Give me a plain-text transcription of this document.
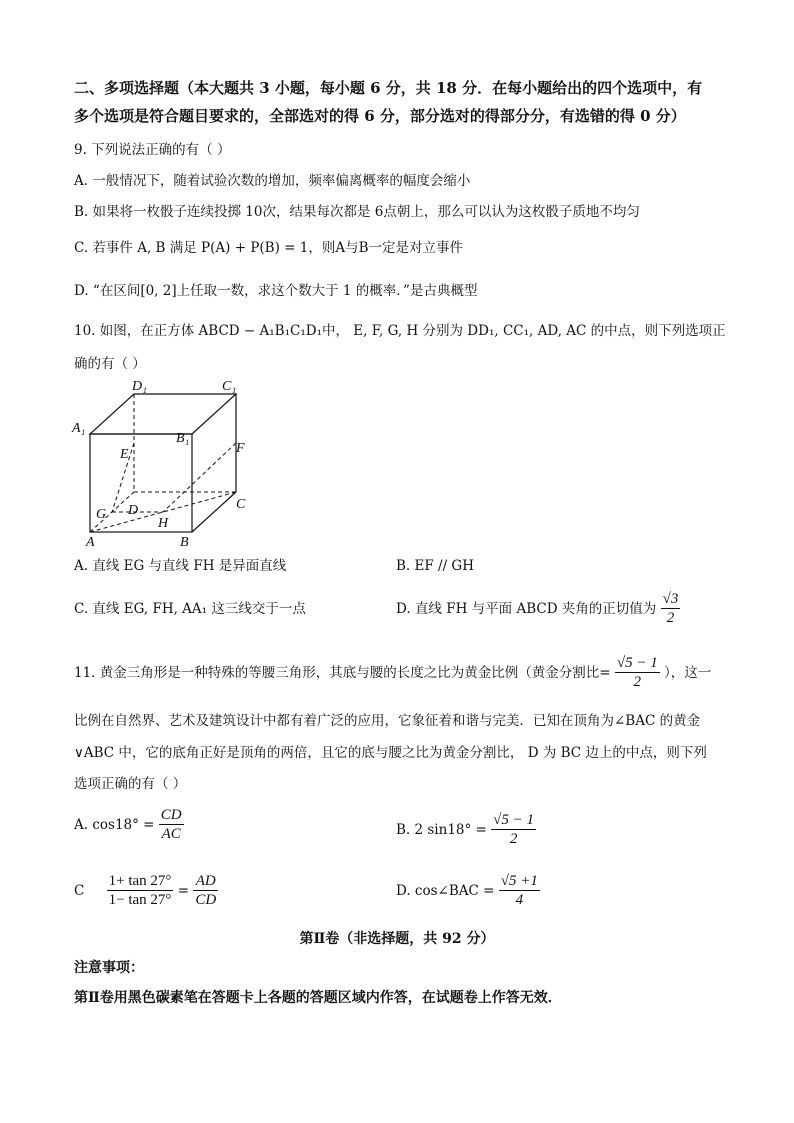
二、多项选择题（本大题共 3 小题，每小题 6 分，共 18 分．在每小题给出的四个选项中，有
多个选项是符合题目要求的，全部选对的得 6 分，部分选对的得部分分，有选错的得 0 分）
9. 下列说法正确的有（ ）
A. 一般情况下，随着试验次数的增加，频率偏离概率的幅度会缩小
B. 如果将一枚骰子连续投掷 10次，结果每次都是 6点朝上，那么可以认为这枚骰子质地不均匀
C. 若事件 A, B 满足 P(A) + P(B) = 1，则A与B一定是对立事件
D. “在区间[0, 2]上任取一数，求这个数大于 1 的概率．”是古典概型
10. 如图，在正方体 ABCD − A₁B₁C₁D₁中， E, F, G, H 分别为 DD₁, CC₁, AD, AC 的中点，则下列选项正
确的有（ ）
D₁	C₁
A₁
B₁
E	F
C
D
G
H
A	B
A. 直线 EG 与直线 FH 是异面直线	B. EF // GH
C. 直线 EG, FH, AA₁ 这三线交于一点	D. 直线 FH 与平面 ABCD 夹角的正切值为 $\frac{√3}{2}$
11. 黄金三角形是一种特殊的等腰三角形，其底与腰的长度之比为黄金比例（黄金分割比= $\frac{√5 - 1}{2}$ ），这一
比例在自然界、艺术及建筑设计中都有着广泛的应用，它象征着和谐与完美．已知在顶角为∠BAC 的黄金
∨ABC 中，它的底角正好是顶角的两倍，且它的底与腰之比为黄金分割比， D 为 BC 边上的中点，则下列
选项正确的有（ ）
A. $\cos 18^\circ = \frac{CD}{AC}$	B. 2 $\sin 18^\circ = \frac{√5 - 1}{2}$
C $\frac{1+ \tan 27^\circ}{1- \tan 27^\circ} = \frac{AD}{CD}$	D. cos∠BAC = $\frac{√5 +1}{4}$
第Ⅱ卷（非选择题，共 92 分）
注意事项：
第Ⅱ卷用黑色碳素笔在答题卡上各题的答题区域内作答，在试题卷上作答无效．
